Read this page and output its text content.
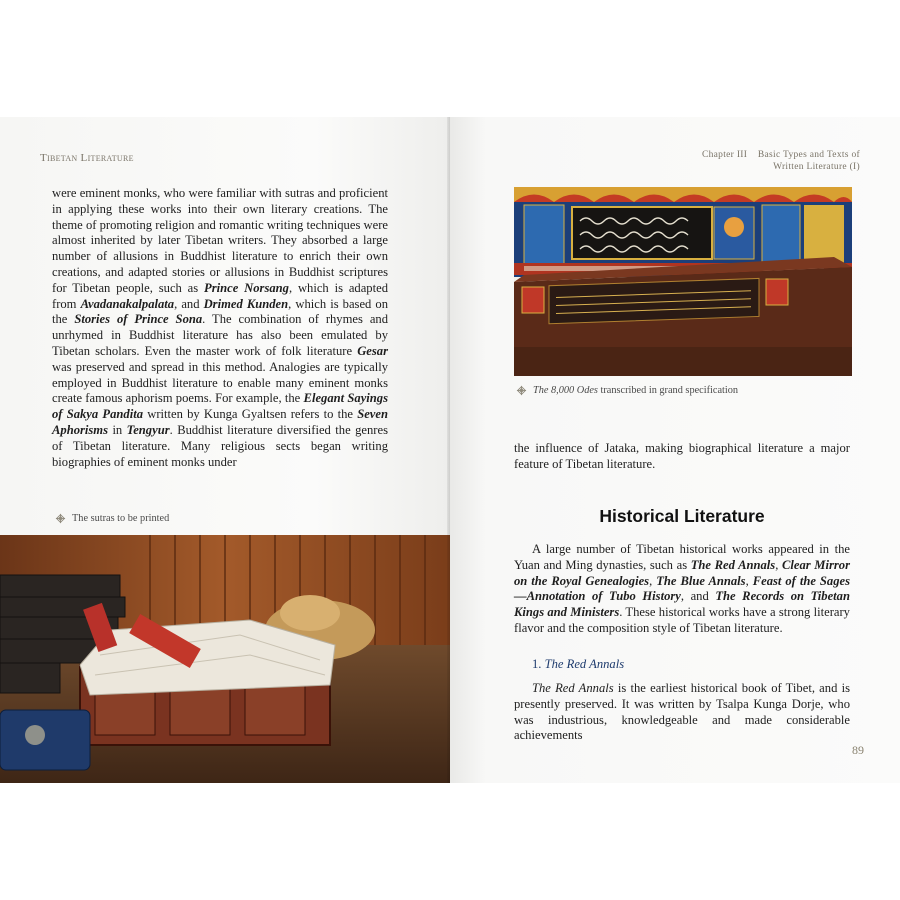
Tibetan Literature

were eminent monks, who were familiar with sutras and proficient in applying these works into their own literary creations. The theme of promoting religion and romantic writing techniques were almost inherited by later Tibetan writers. They absorbed a large number of allusions in Buddhist literature to enrich their own creations, and adapted stories or allusions in Buddhist scriptures for Tibetan people, such as Prince Norsang, which is adapted from Avadanakalpalata, and Drimed Kunden, which is based on the Stories of Prince Sona. The combination of rhymes and unrhymed in Buddhist literature has also been emulated by Tibetan scholars. Even the master work of folk literature Gesar was preserved and spread in this method. Analogies are typically employed in Buddhist literature to enable many eminent monks create famous aphorism poems. For example, the Elegant Sayings of Sakya Pandita written by Kunga Gyaltsen refers to the Seven Aphorisms in Tengyur. Buddhist literature diversified the genres of Tibetan literature. Many religious sects began writing biographies of eminent monks under

The sutras to be printed
Chapter III    Basic Types and Texts of
Written Literature (I)
The 8,000 Odes transcribed in grand specification

the influence of Jataka, making biographical literature a major feature of Tibetan literature.

Historical Literature

A large number of Tibetan historical works appeared in the Yuan and Ming dynasties, such as The Red Annals, Clear Mirror on the Royal Genealogies, The Blue Annals, Feast of the Sages—Annotation of Tubo History, and The Records on Tibetan Kings and Ministers. These historical works have a strong literary flavor and the composition style of Tibetan literature.

1. The Red Annals

The Red Annals is the earliest historical book of Tibet, and is presently preserved. It was written by Tsalpa Kunga Dorje, who was industrious, knowledgeable and made considerable achievements

89
